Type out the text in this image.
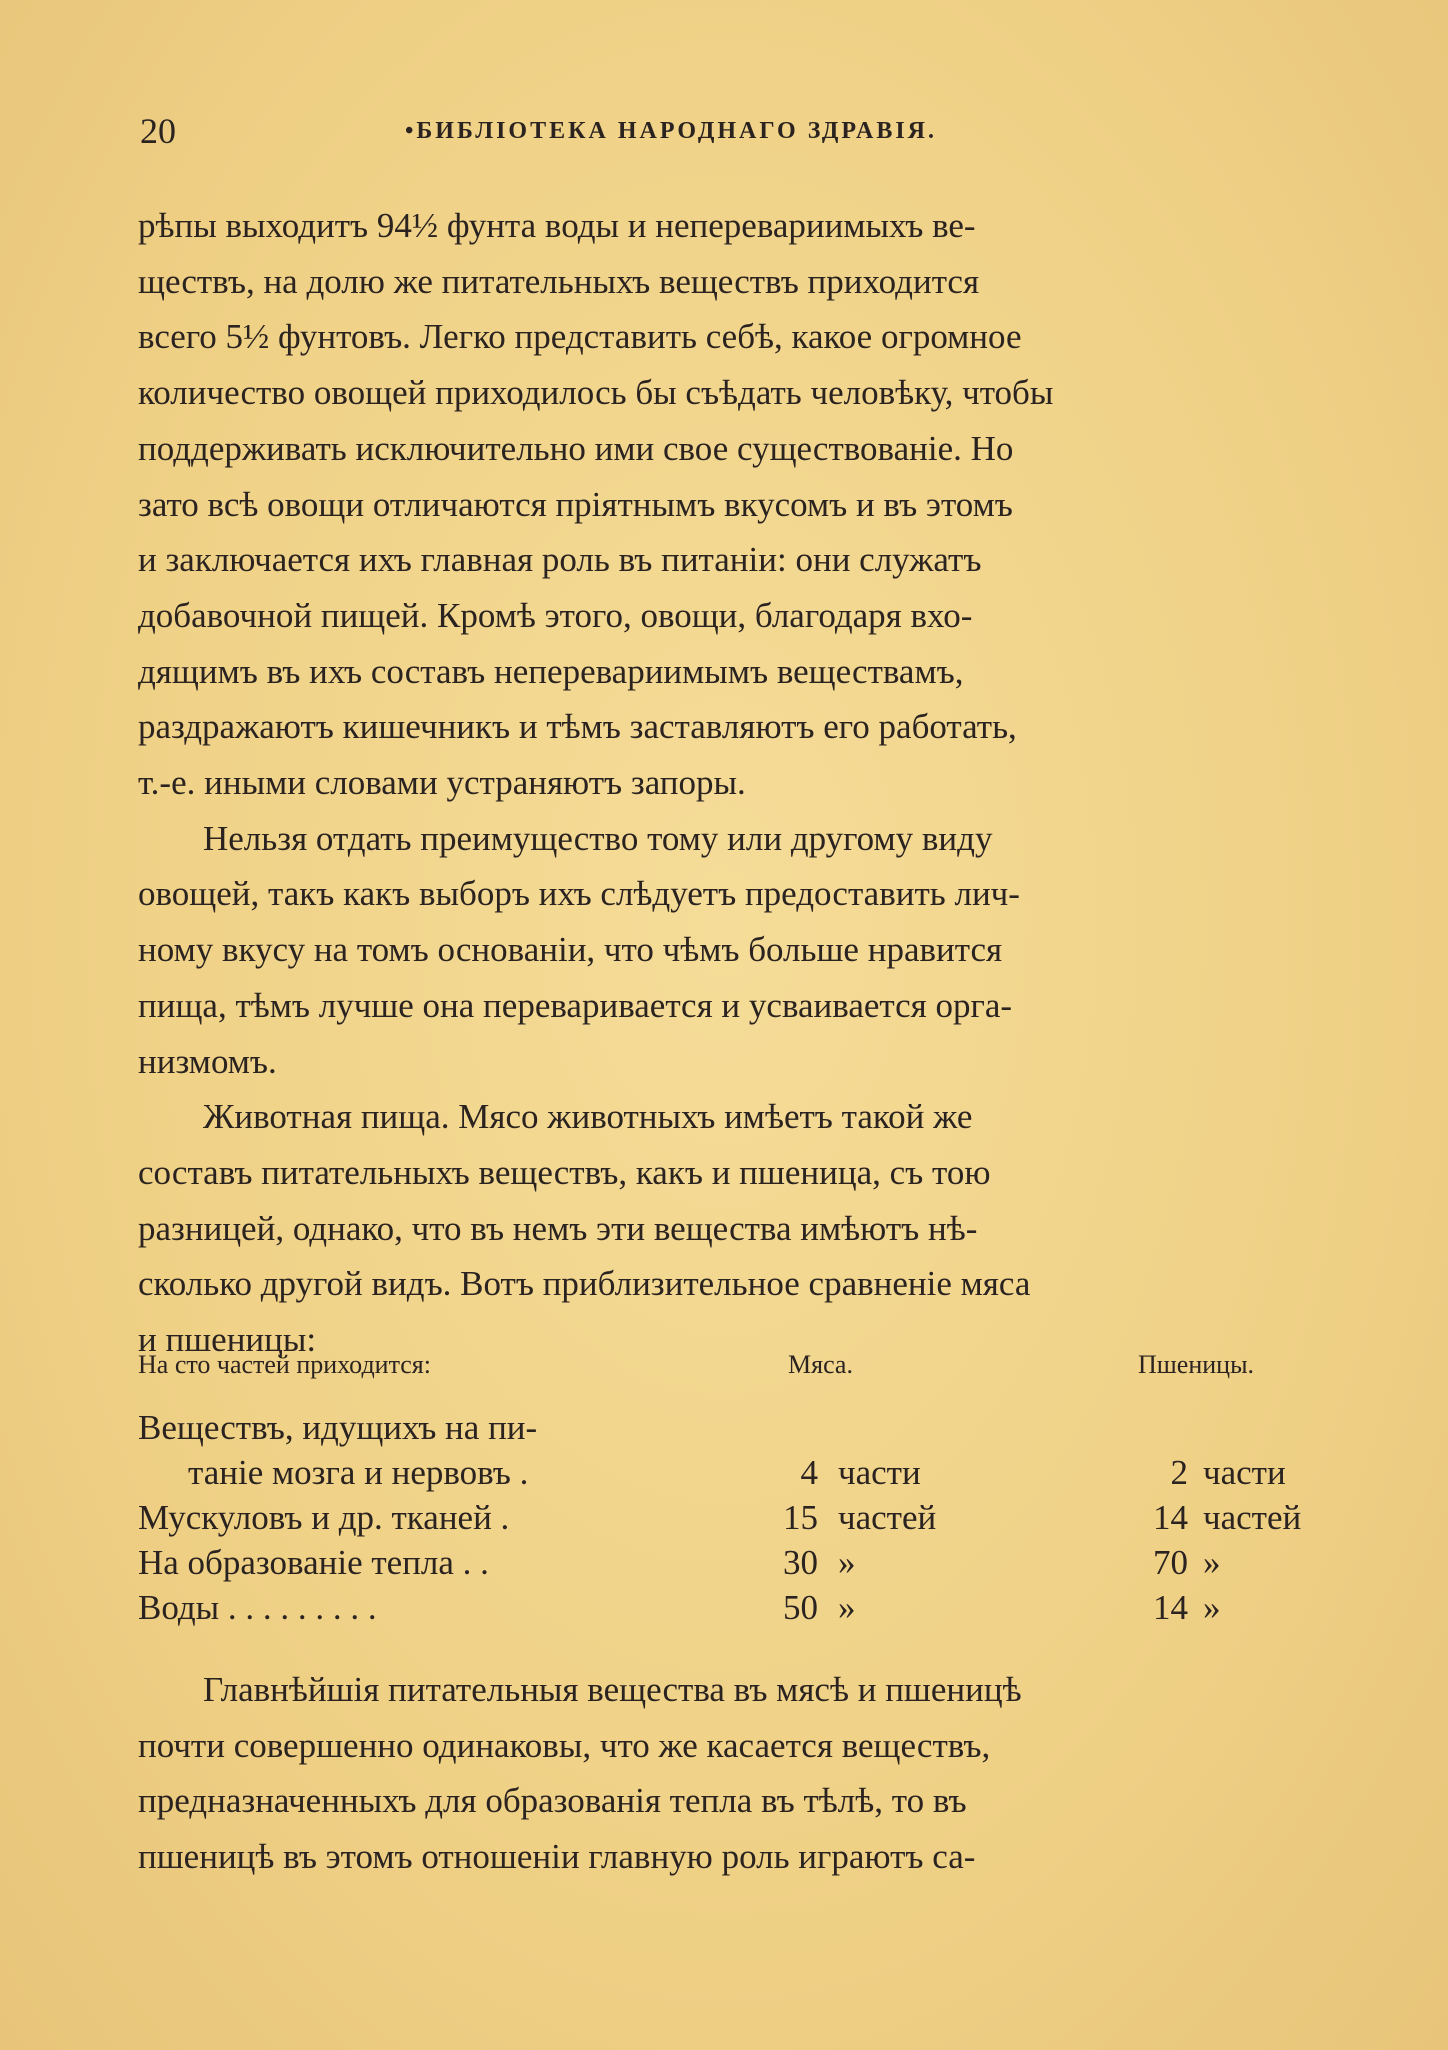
20	•БИБЛІОТЕКА НАРОДНАГО ЗДРАВІЯ.

рѣпы выходитъ 94½ фунта воды и неперевариимыхъ ве-
ществъ, на долю же питательныхъ веществъ приходится
всего 5½ фунтовъ. Легко представить себѣ, какое огромное
количество овощей приходилось бы съѣдать человѣку, чтобы
поддерживать исключительно ими свое существованіе. Но
зато всѣ овощи отличаются пріятнымъ вкусомъ и въ этомъ
и заключается ихъ главная роль въ питаніи: они служатъ
добавочной пищей. Кромѣ этого, овощи, благодаря вхо-
дящимъ въ ихъ составъ неперевариимымъ веществамъ,
раздражаютъ кишечникъ и тѣмъ заставляютъ его работать,
т.-е. иными словами устраняютъ запоры.

Нельзя отдать преимущество тому или другому виду
овощей, такъ какъ выборъ ихъ слѣдуетъ предоставить лич-
ному вкусу на томъ основаніи, что чѣмъ больше нравится
пища, тѣмъ лучше она переваривается и усваивается орга-
низмомъ.

Животная пища. Мясо животныхъ имѣетъ такой же
составъ питательныхъ веществъ, какъ и пшеница, съ тою
разницей, однако, что въ немъ эти вещества имѣютъ нѣ-
сколько другой видъ. Вотъ приблизительное сравненіе мяса
и пшеницы:

На сто частей приходится:	Мяса.	Пшеницы.
Веществъ, идущихъ на пи-
таніе мозга и нервовъ .	4 части	2 части
Мускуловъ и др. тканей .	15 частей	14 частей
На образованіе тепла . .	30 »	70 »
Воды . . . . . . . . .	50 »	14 »

Главнѣйшія питательныя вещества въ мясѣ и пшеницѣ
почти совершенно одинаковы, что же касается веществъ,
предназначенныхъ для образованія тепла въ тѣлѣ, то въ
пшеницѣ въ этомъ отношеніи главную роль играютъ са-
